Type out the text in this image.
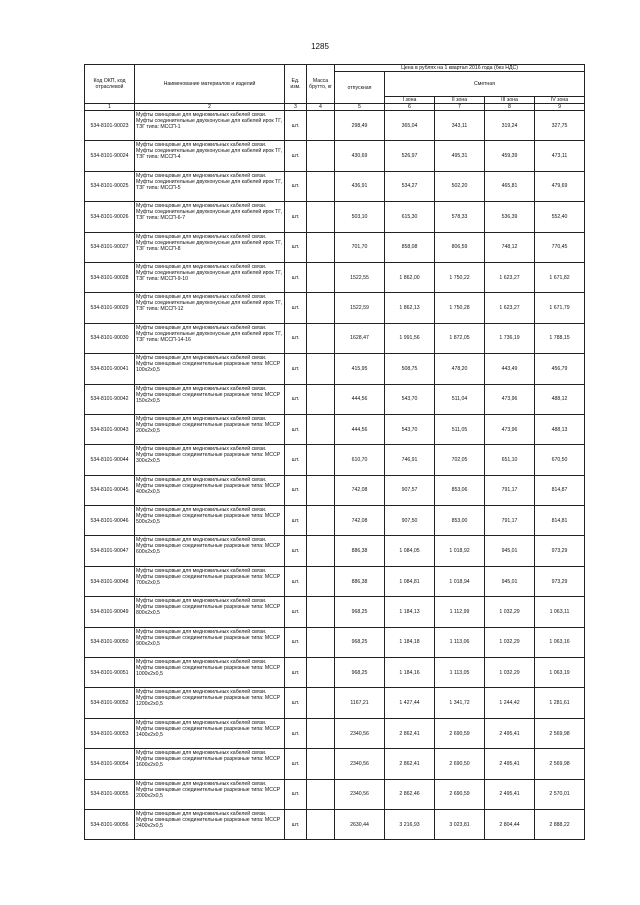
1285
Код ОКП, код отраслевой	Наименование материалов и изделий	Ед. изм.	Масса брутто, кг	Цена в рублях на 1 квартал 2016 года (без НДС)				
				отпускная	Сметная			
					I зона	II зона	III зона	IV зона
1	2	3	4	5	6	7	8	9
534-8101-90023	Муфты свинцовые для медножильных кабелей связи. Муфты соединительные двухконусные для кабелей ирок ТГ, ТЗГ типа: МССП-1	шт.		298,49	365,04	343,11	319,24	327,75
534-8101-90024	Муфты свинцовые для медножильных кабелей связи. Муфты соединительные двухконусные для кабелей ирок ТГ, ТЗГ типа: МССП-4	шт.		430,69	526,97	495,31	459,39	473,11
534-8101-90025	Муфты свинцовые для медножильных кабелей связи. Муфты соединительные двухконусные для кабелей ирок ТГ, ТЗГ типа: МССП-5	шт.		436,91	534,27	502,20	465,81	479,69
534-8101-90026	Муфты свинцовые для медножильных кабелей связи. Муфты соединительные двухконусные для кабелей ирок ТГ, ТЗГ типа: МССП-6-7	шт.		503,10	615,30	578,33	536,39	552,40
534-8101-90027	Муфты свинцовые для медножильных кабелей связи. Муфты соединительные двухконусные для кабелей ирок ТГ, ТЗГ типа: МССП-8	шт.		701,70	858,08	806,59	748,12	770,45
534-8101-90028	Муфты свинцовые для медножильных кабелей связи. Муфты соединительные двухконусные для кабелей ирок ТГ, ТЗГ типа: МССП-9-10	шт.		1522,55	1 862,00	1 750,22	1 623,27	1 671,82
534-8101-90029	Муфты свинцовые для медножильных кабелей связи. Муфты соединительные двухконусные для кабелей ирок ТГ, ТЗГ типа: МССП-12	шт.		1522,59	1 862,13	1 750,28	1 623,27	1 671,79
534-8101-90030	Муфты свинцовые для медножильных кабелей связи. Муфты соединительные двухконусные для кабелей ирок ТГ, ТЗГ типа: МССП-14-16	шт.		1628,47	1 991,56	1 872,05	1 736,19	1 788,15
534-8101-90041	Муфты свинцовые для медножильных кабелей связи. Муфты свинцовые соединительные разрезные типа: МССР 100x2x0,5	шт.		415,95	508,75	478,20	443,49	456,79
534-8101-90042	Муфты свинцовые для медножильных кабелей связи. Муфты свинцовые соединительные разрезные типа: МССР 150x2x0,5	шт.		444,56	543,70	511,04	473,96	488,12
534-8101-90043	Муфты свинцовые для медножильных кабелей связи. Муфты свинцовые соединительные разрезные типа: МССР 200x2x0,5	шт.		444,56	543,70	511,05	473,96	488,13
534-8101-90044	Муфты свинцовые для медножильных кабелей связи. Муфты свинцовые соединительные разрезные типа: МССР 300x2x0,5	шт.		610,70	746,91	702,05	651,10	670,50
534-8101-90045	Муфты свинцовые для медножильных кабелей связи. Муфты свинцовые соединительные разрезные типа: МССР 400x2x0,5	шт.		742,08	907,57	853,06	791,17	814,87
534-8101-90046	Муфты свинцовые для медножильных кабелей связи. Муфты свинцовые соединительные разрезные типа: МССР 500x2x0,5	шт.		742,08	907,50	853,00	791,17	814,81
534-8101-90047	Муфты свинцовые для медножильных кабелей связи. Муфты свинцовые соединительные разрезные типа: МССР 600x2x0,5	шт.		886,38	1 084,05	1 018,92	945,01	973,29
534-8101-90048	Муфты свинцовые для медножильных кабелей связи. Муфты свинцовые соединительные разрезные типа: МССР 700x2x0,5	шт.		886,38	1 084,81	1 018,94	945,01	973,29
534-8101-90049	Муфты свинцовые для медножильных кабелей связи. Муфты свинцовые соединительные разрезные типа: МССР 800x2x0,5	шт.		968,25	1 184,13	1 112,99	1 032,29	1 063,11
534-8101-90050	Муфты свинцовые для медножильных кабелей связи. Муфты свинцовые соединительные разрезные типа: МССР 900x2x0,5	шт.		968,25	1 184,18	1 113,06	1 032,29	1 063,16
534-8101-90051	Муфты свинцовые для медножильных кабелей связи. Муфты свинцовые соединительные разрезные типа: МССР 1000x2x0,5	шт.		968,25	1 184,16	1 113,05	1 032,29	1 063,19
534-8101-90052	Муфты свинцовые для медножильных кабелей связи. Муфты свинцовые соединительные разрезные типа: МССР 1200x2x0,5	шт.		1167,21	1 427,44	1 341,72	1 244,42	1 281,61
534-8101-90053	Муфты свинцовые для медножильных кабелей связи. Муфты свинцовые соединительные разрезные типа: МССР 1400x2x0,5	шт.		2340,56	2 862,41	2 690,59	2 495,41	2 569,98
534-8101-90054	Муфты свинцовые для медножильных кабелей связи. Муфты свинцовые соединительные разрезные типа: МССР 1600x2x0,5	шт.		2340,56	2 862,41	2 690,50	2 495,41	2 569,98
534-8101-90055	Муфты свинцовые для медножильных кабелей связи. Муфты свинцовые соединительные разрезные типа: МССР 2000x2x0,5	шт.		2340,56	2 862,46	2 690,59	2 495,41	2 570,01
534-8101-90056	Муфты свинцовые для медножильных кабелей связи. Муфты свинцовые соединительные разрезные типа: МССР 2400x2x0,5	шт.		2630,44	3 216,93	3 023,81	2 804,44	2 888,22
